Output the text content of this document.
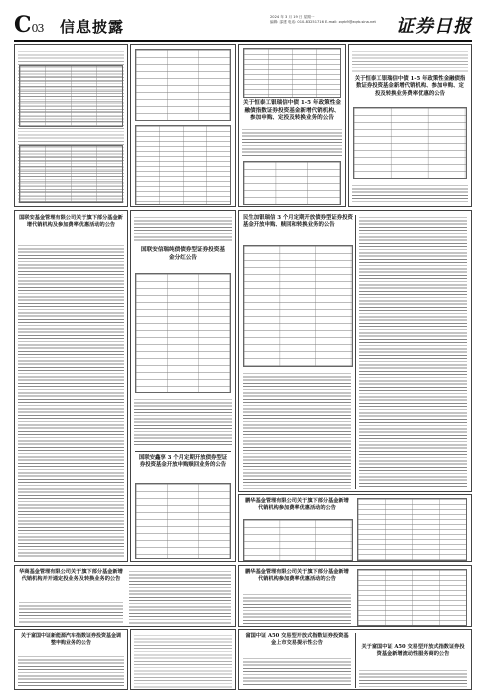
C03 信息披露
2024 年 3 月 19 日 星期一
编辑: 邵建 电话: 010-83251716 E-mail: zqrb9@zqrb.sina.net	证券日报
关于恒泰工银瑞信中债 1-5 年政策性金融债指数证券投资基金新增代销机构、参加申购、定投及转换业务的公告
关于恒泰工银瑞信中债 1-5 年政策性金融债指数证券投资基金新增代销机构、参加申购、定投及转换业务费率优惠的公告
国联安基金管理有限公司关于旗下部分基金新增代销机构及参加费率优惠活动的公告
国联安信瑞纯债债券型证券投资基金分红公告
国联安鑫享 3 个月定期开放债券型证券投资基金开放申购赎回业务的公告
民生加银瑞信 3 个月定期开放债券型证券投资基金开放申购、赎回和转换业务的公告
鹏华基金管理有限公司关于旗下部分基金新增代销机构参加费率优惠活动的公告
华商基金管理有限公司关于旗下部分基金新增代销机构并开通定投业务及转换业务的公告
鹏华基金管理有限公司关于旗下部分基金新增代销机构参加费率优惠活动的公告
关于富国中证新能源汽车指数证券投资基金调整申购业务的公告
富国中证 A50 交易型开放式指数证券投资基金上市交易提示性公告
关于富国中证 A50 交易型开放式指数证券投资基金新增流动性服务商的公告
